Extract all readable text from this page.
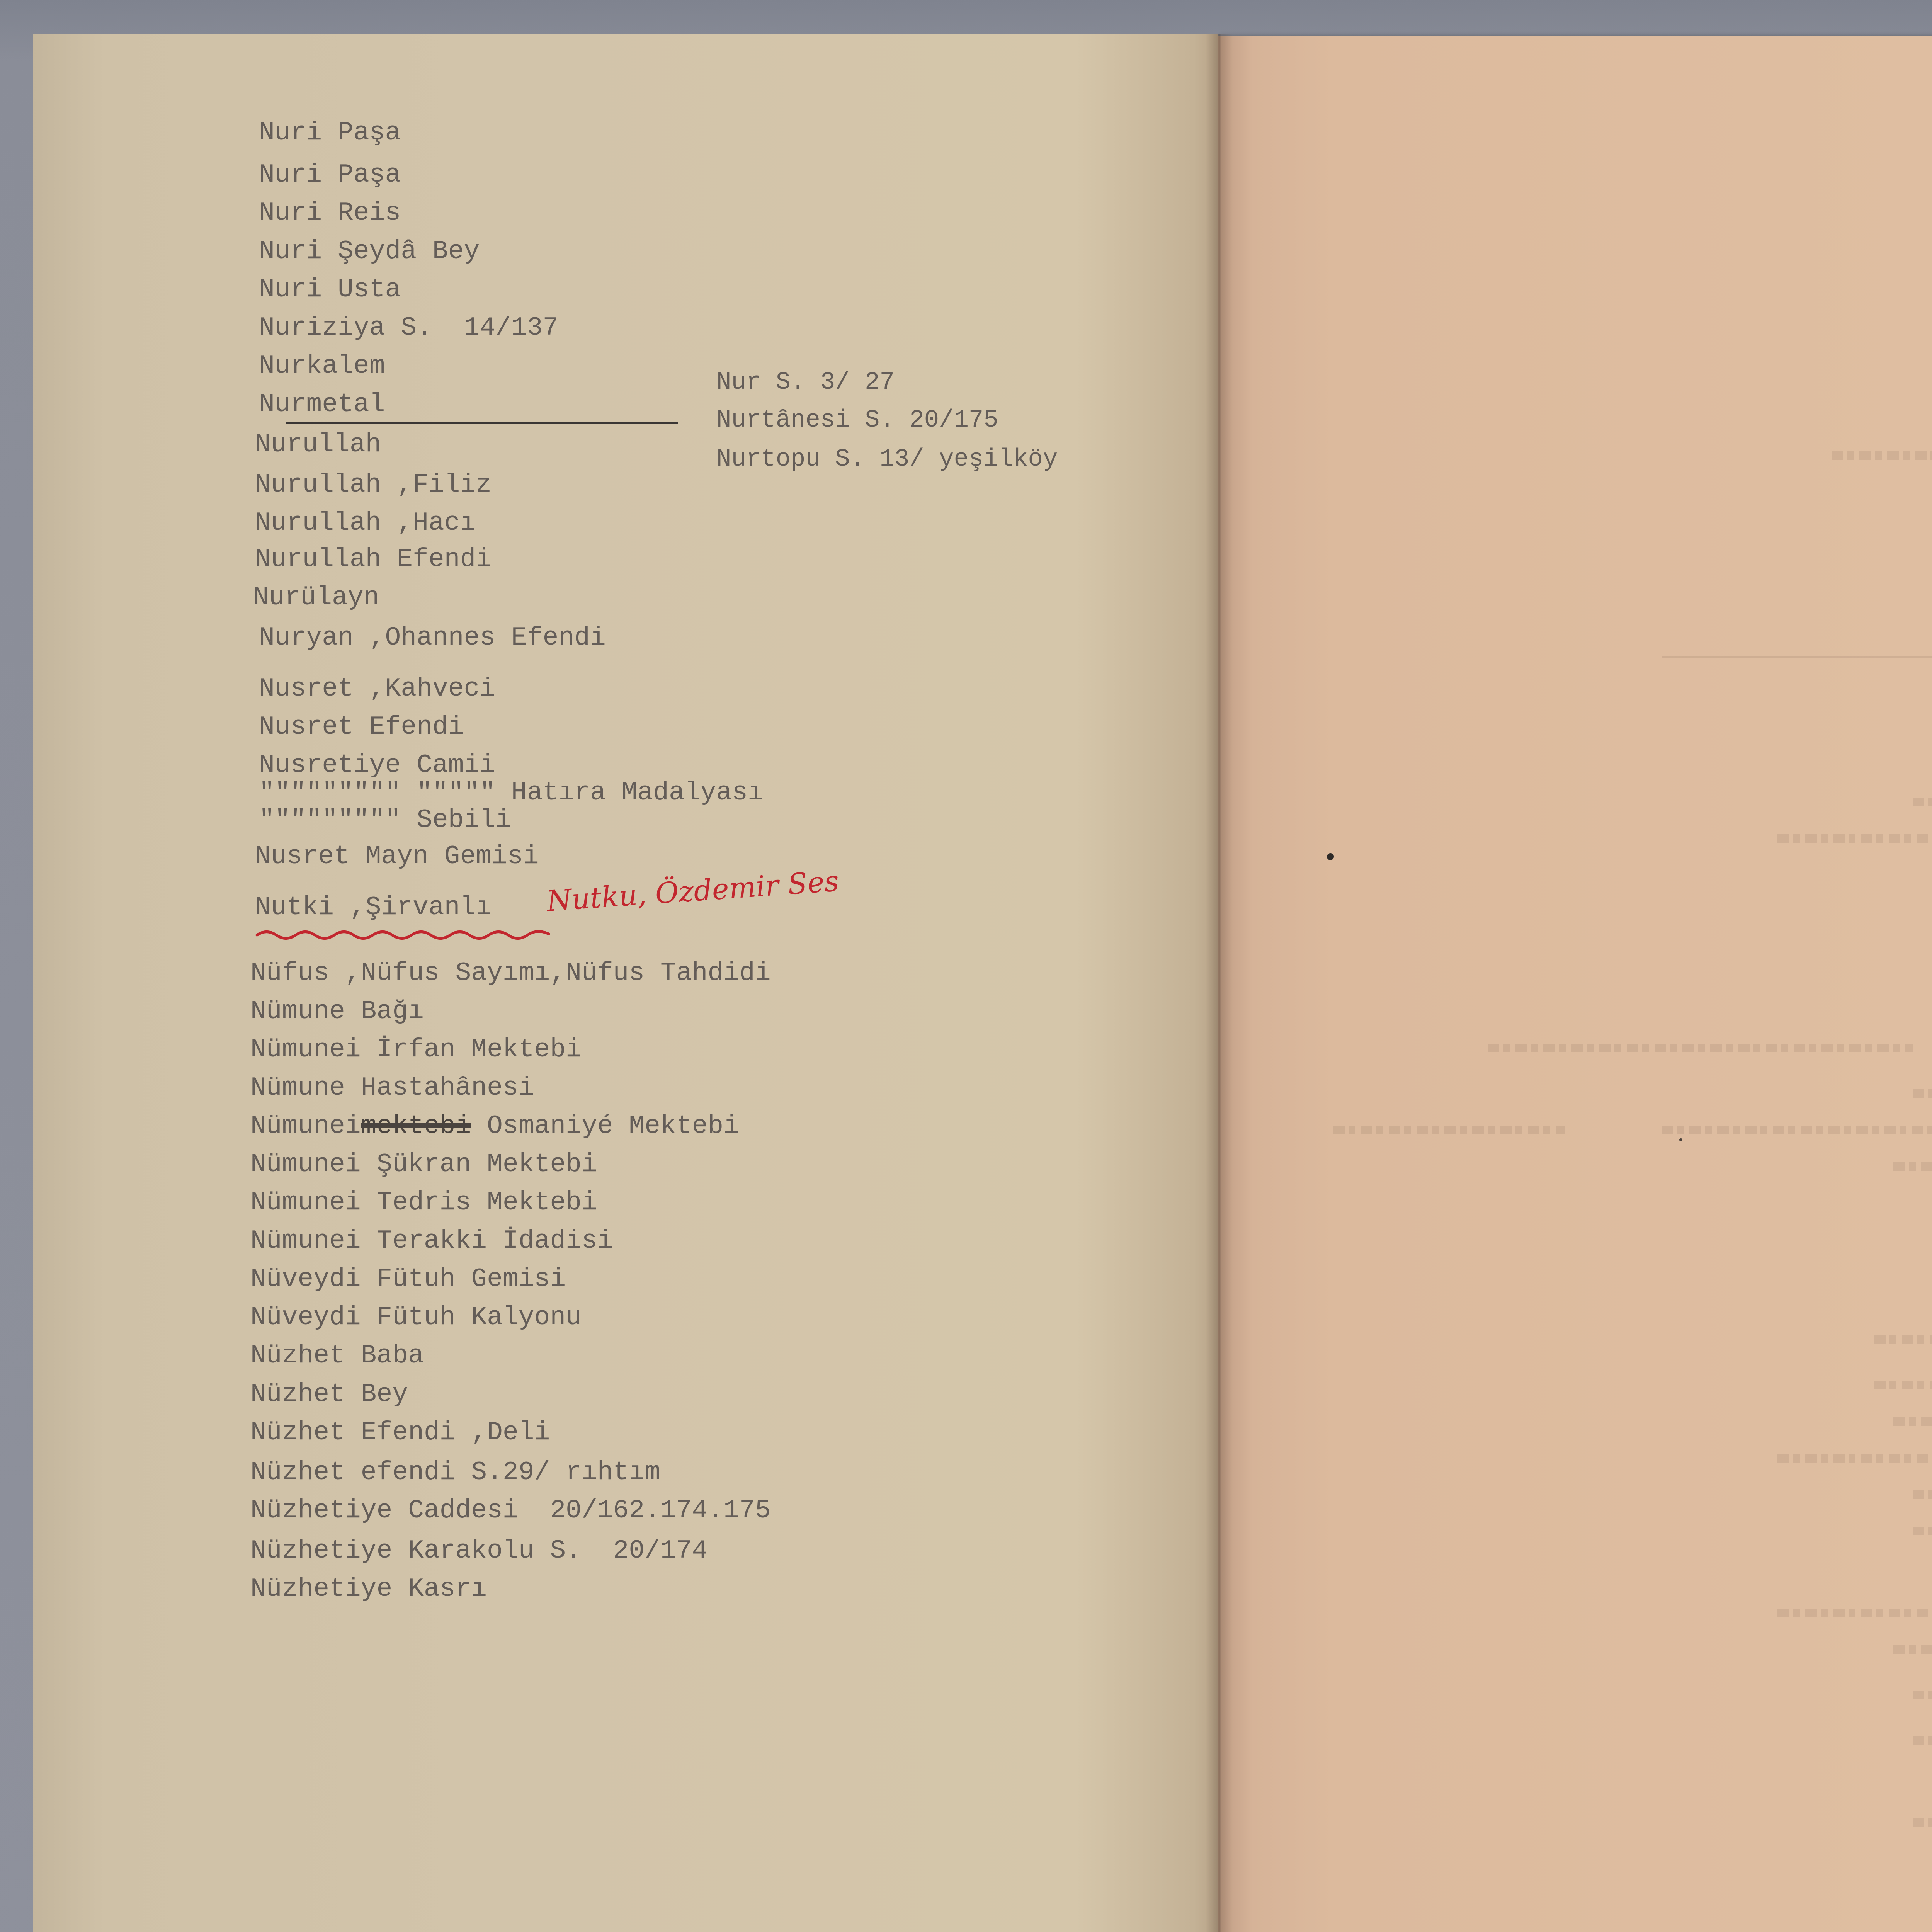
Nuri Paşa
Nuri Paşa
Nuri Reis
Nuri Şeydâ Bey
Nuri Usta
Nuriziya S.  14/137
Nurkalem
Nurmetal
Nurullah
Nurullah ,Filiz
Nurullah ,Hacı
Nurullah Efendi
Nurülayn
Nuryan ,Ohannes Efendi
Nusret ,Kahveci
Nusret Efendi
Nusretiye Camii
""""""""" """"" Hatıra Madalyası
""""""""" Sebili
Nusret Mayn Gemisi
Nutki ,Şirvanlı Nutku, Özdemir Ses
Nüfus ,Nüfus Sayımı,Nüfus Tahdidi
Nümune Bağı
Nümunei İrfan Mektebi
Nümune Hastahânesi
Nümuneimektebi Osmaniyé Mektebi
Nümunei Şükran Mektebi
Nümunei Tedris Mektebi
Nümunei Terakki İdadisi
Nüveydi Fütuh Gemisi
Nüveydi Fütuh Kalyonu
Nüzhet Baba
Nüzhet Bey
Nüzhet Efendi ,Deli
Nüzhet efendi S.29/ rıhtım
Nüzhetiye Caddesi  20/162.174.175
Nüzhetiye Karakolu S.  20/174
Nüzhetiye Kasrı
Nur S. 3/ 27
Nurtânesi S. 20/175
Nurtopu S. 13/ yeşilköy
